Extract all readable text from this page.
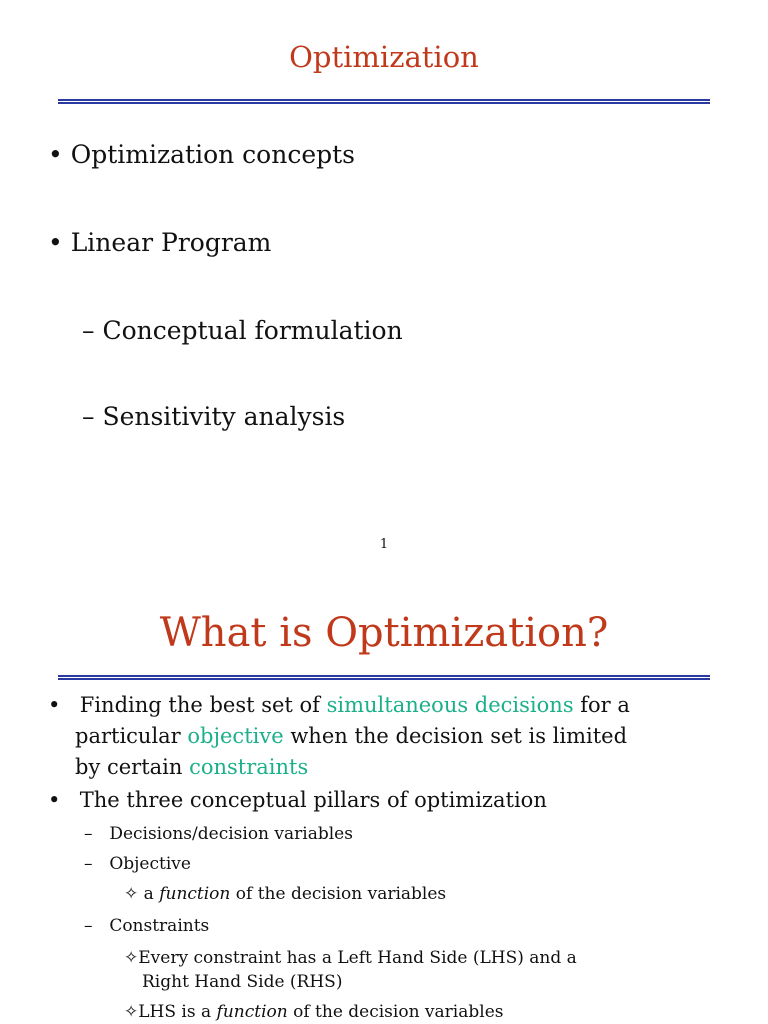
Optimization
• Optimization concepts
• Linear Program
– Conceptual formulation
– Sensitivity analysis
1
What is Optimization?
• Finding the best set of simultaneous decisions for a
particular objective when the decision set is limited
by certain constraints
• The three conceptual pillars of optimization
– Decisions/decision variables
– Objective
✧ a function of the decision variables
– Constraints
✧Every constraint has a Left Hand Side (LHS) and a
Right Hand Side (RHS)
✧LHS is a function of the decision variables
